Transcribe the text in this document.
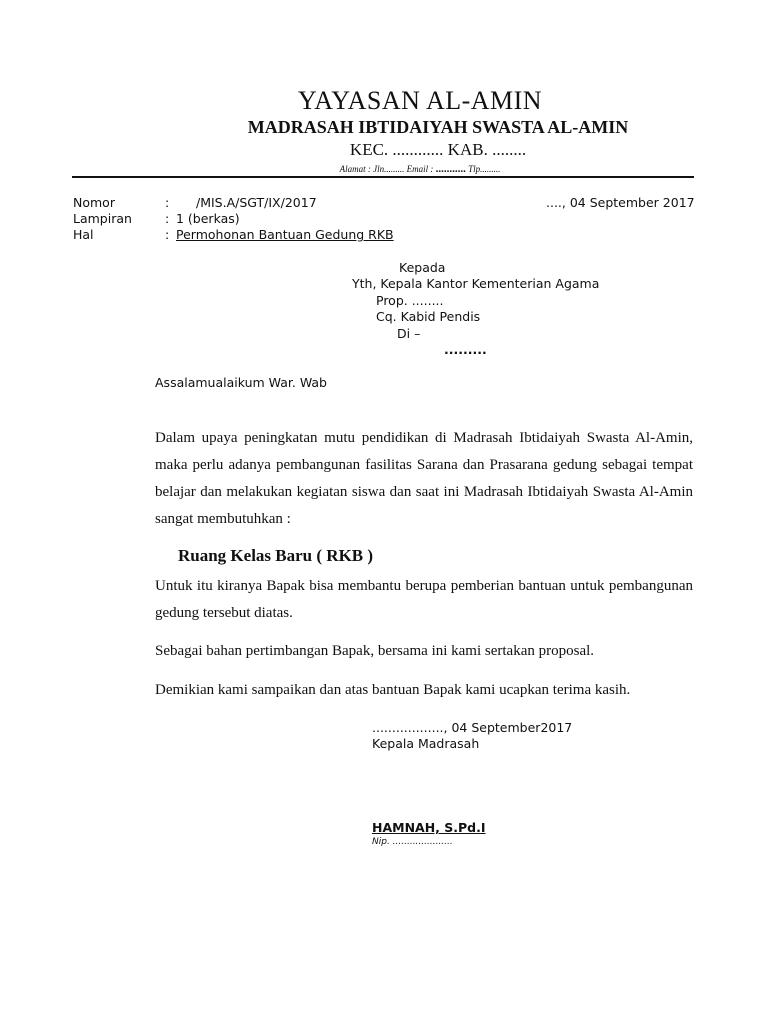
YAYASAN AL-AMIN
MADRASAH IBTIDAIYAH SWASTA AL-AMIN
KEC. ............ KAB. ........
Alamat : Jln......... Email : ........... Tlp.........
Nomor	: /MIS.A/SGT/IX/2017	...., 04 September 2017
Lampiran	: 1 (berkas)
Hal	: Permohonan Bantuan Gedung RKB
Kepada
Yth, Kepala Kantor Kementerian Agama
Prop. ........
Cq. Kabid Pendis
Di –
.........
Assalamualaikum War. Wab
Dalam upaya peningkatan mutu pendidikan di Madrasah Ibtidaiyah Swasta Al-Amin, maka perlu adanya pembangunan fasilitas Sarana dan Prasarana gedung sebagai tempat belajar dan melakukan kegiatan siswa dan saat ini Madrasah Ibtidaiyah Swasta Al-Amin sangat membutuhkan :
Ruang Kelas Baru ( RKB )
Untuk itu kiranya Bapak bisa membantu berupa pemberian bantuan untuk pembangunan gedung tersebut diatas.
Sebagai bahan pertimbangan Bapak, bersama ini kami sertakan proposal.
Demikian kami sampaikan dan atas bantuan Bapak kami ucapkan terima kasih.
.................., 04 September2017
Kepala Madrasah
HAMNAH, S.Pd.I
Nip. .....................
